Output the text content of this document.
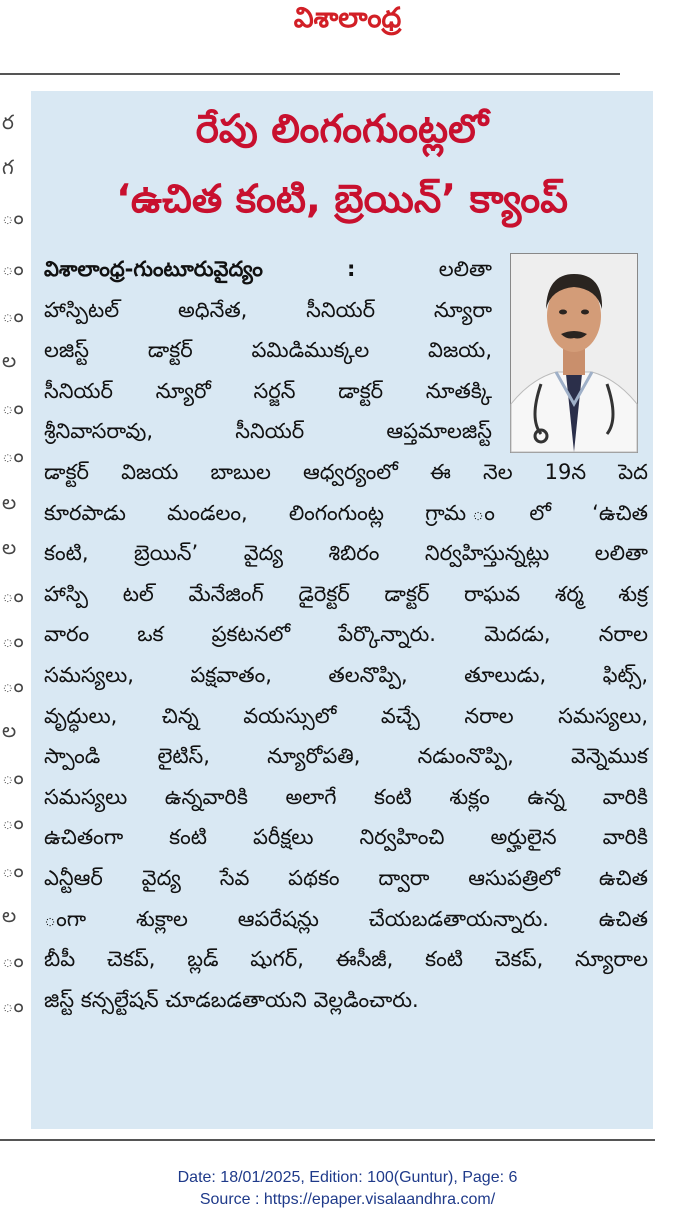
విశాలాంధ్ర
ర
గ
ం
ం
ం
ల
ం
ం
ల
ల
ం
ం
ం
ల
ం
ం
ం
ల
ం
ం
రేపు లింగంగుంట్లలో
‘ఉచిత కంటి, బ్రెయిన్’ క్యాంప్
విశాలాంధ్ర-గుంటూరువైద్యం :	లలితా
హాస్పిటల్ అధినేత, సీనియర్ న్యూరా
లజిస్ట్ డాక్టర్ పమిడిముక్కల విజయ,
సీనియర్ న్యూరో సర్జన్ డాక్టర్ నూతక్కి
శ్రీనివాసరావు, సీనియర్ ఆప్తమాలజిస్ట్
డాక్టర్ విజయ బాబుల ఆధ్వర్యంలో ఈ నెల 19న పెద
కూరపాడు మండలం, లింగంగుంట్ల గ్రామ ంలో ‘ఉచిత
కంటి, బ్రెయిన్’ వైద్య శిబిరం నిర్వహిస్తున్నట్లు లలితా
హాస్పి టల్ మేనేజింగ్ డైరెక్టర్ డాక్టర్ రాఘవ శర్మ శుక్ర
వారం ఒక ప్రకటనలో పేర్కొన్నారు. మెదడు, నరాల
సమస్యలు, పక్షవాతం, తలనొప్పి, తూలుడు, ఫిట్స్,
వృద్ధులు, చిన్న వయస్సులో వచ్చే నరాల సమస్యలు,
స్పాండి లైటిస్, న్యూరోపతి, నడుంనొప్పి, వెన్నెముక
సమస్యలు ఉన్నవారికి అలాగే కంటి శుక్లం ఉన్న వారికి
ఉచితంగా కంటి పరీక్షలు నిర్వహించి అర్హులైన వారికి
ఎన్టీఆర్ వైద్య సేవ పథకం ద్వారా ఆసుపత్రిలో ఉచిత
ంగా శుక్లాల ఆపరేషన్లు చేయబడతాయన్నారు. ఉచిత
బీపీ చెకప్, బ్లడ్ షుగర్, ఈసీజీ, కంటి చెకప్, న్యూరాల
జిస్ట్ కన్సల్టేషన్ చూడబడతాయని వెల్లడించారు.
Date: 18/01/2025, Edition: 100(Guntur), Page: 6
Source : https://epaper.visalaandhra.com/
